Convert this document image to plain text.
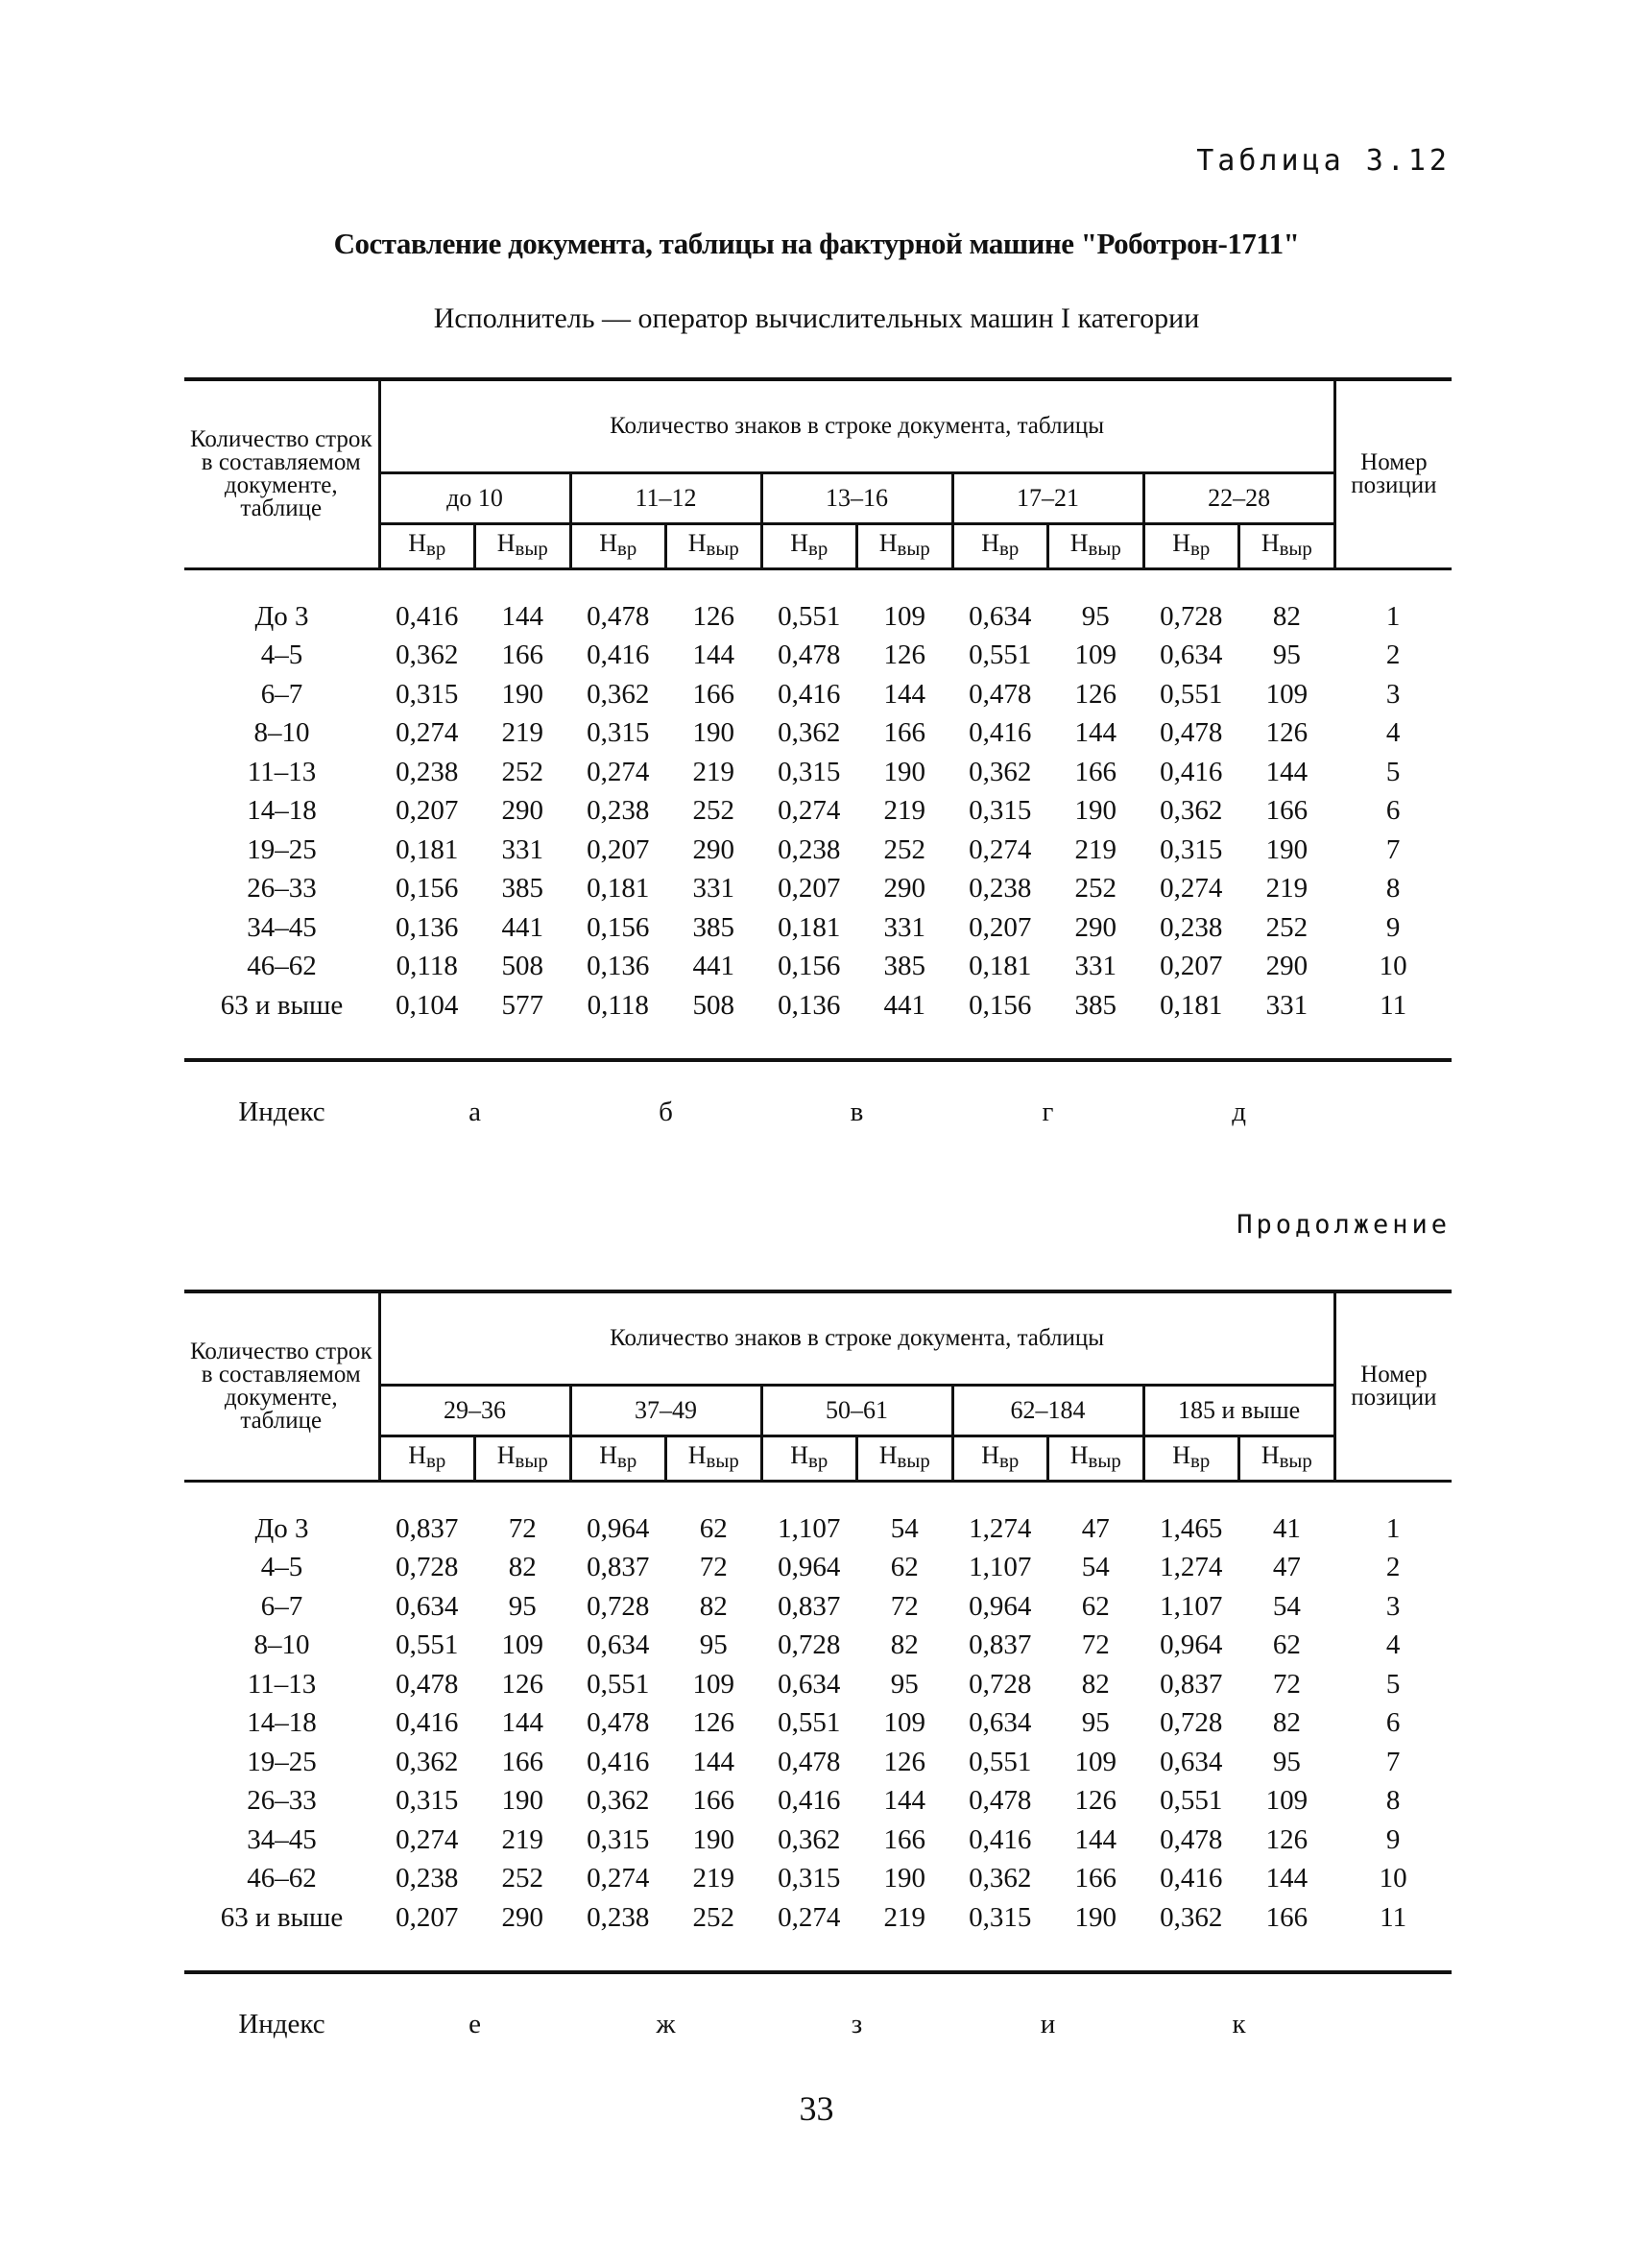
Таблица 3.12
Составление документа, таблицы на фактурной машине "Роботрон-1711"
Исполнитель — оператор вычислительных машин I категории
Количество строк в составляемом документе, таблице	Количество знаков в строке документа, таблицы										Номер позиции
	до 10		11–12		13–16		17–21		22–28		
	$Н_{вр}$	$Н_{выр}$	$Н_{вр}$	$Н_{выр}$	$Н_{вр}$	$Н_{выр}$	$Н_{вр}$	$Н_{выр}$	$Н_{вр}$	$Н_{выр}$
До 3	0,416	144	0,478	126	0,551	109	0,634	95	0,728	82	1
4–5	0,362	166	0,416	144	0,478	126	0,551	109	0,634	95	2
6–7	0,315	190	0,362	166	0,416	144	0,478	126	0,551	109	3
8–10	0,274	219	0,315	190	0,362	166	0,416	144	0,478	126	4
11–13	0,238	252	0,274	219	0,315	190	0,362	166	0,416	144	5
14–18	0,207	290	0,238	252	0,274	219	0,315	190	0,362	166	6
19–25	0,181	331	0,207	290	0,238	252	0,274	219	0,315	190	7
26–33	0,156	385	0,181	331	0,207	290	0,238	252	0,274	219	8
34–45	0,136	441	0,156	385	0,181	331	0,207	290	0,238	252	9
46–62	0,118	508	0,136	441	0,156	385	0,181	331	0,207	290	10
63 и выше	0,104	577	0,118	508	0,136	441	0,156	385	0,181	331	11
Индекс	а		б		в		г		д		
Продолжение
Количество строк в составляемом документе, таблице	Количество знаков в строке документа, таблицы										Номер позиции
	29–36		37–49		50–61		62–184		185 и выше		
	$Н_{вр}$	$Н_{выр}$	$Н_{вр}$	$Н_{выр}$	$Н_{вр}$	$Н_{выр}$	$Н_{вр}$	$Н_{выр}$	$Н_{вр}$	$Н_{выр}$
До 3	0,837	72	0,964	62	1,107	54	1,274	47	1,465	41	1
4–5	0,728	82	0,837	72	0,964	62	1,107	54	1,274	47	2
6–7	0,634	95	0,728	82	0,837	72	0,964	62	1,107	54	3
8–10	0,551	109	0,634	95	0,728	82	0,837	72	0,964	62	4
11–13	0,478	126	0,551	109	0,634	95	0,728	82	0,837	72	5
14–18	0,416	144	0,478	126	0,551	109	0,634	95	0,728	82	6
19–25	0,362	166	0,416	144	0,478	126	0,551	109	0,634	95	7
26–33	0,315	190	0,362	166	0,416	144	0,478	126	0,551	109	8
34–45	0,274	219	0,315	190	0,362	166	0,416	144	0,478	126	9
46–62	0,238	252	0,274	219	0,315	190	0,362	166	0,416	144	10
63 и выше	0,207	290	0,238	252	0,274	219	0,315	190	0,362	166	11
Индекс	е		ж		з		и		к		
33
